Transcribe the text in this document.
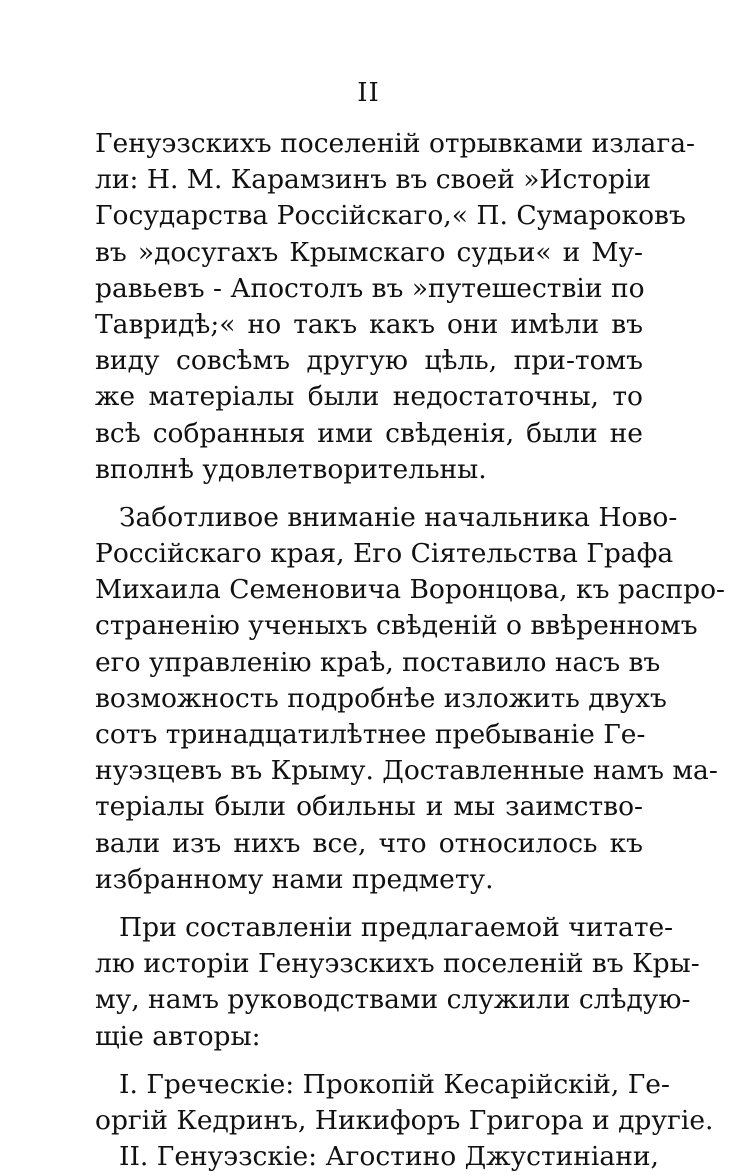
II
Генуэзскихъ поселеній отрывками излага-
ли: Н. М. Карамзинъ въ своей »Исторіи
Государства Россійскаго,« П. Сумароковъ
въ »досугахъ Крымскаго судьи« и Му-
равьевъ - Апостолъ въ »путешествіи по
Тавридѣ;« но такъ какъ они имѣли въ
виду совсѣмъ другую цѣль, при-томъ
же матеріалы были недостаточны, то
всѣ собранныя ими свѣденія, были не
вполнѣ удовлетворительны.
Заботливое вниманіе начальника Ново-
Россійскаго края, Его Сіятельства Графа
Михаила Семеновича Воронцова, къ распро-
страненію ученыхъ свѣденій о ввѣренномъ
его управленію краѣ, поставило насъ въ
возможность подробнѣе изложить двухъ
сотъ тринадцатилѣтнее пребываніе Ге-
нуэзцевъ въ Крыму. Доставленные намъ ма-
теріалы были обильны и мы заимство-
вали изъ нихъ все, что относилось къ
избранному нами предмету.
При составленіи предлагаемой читате-
лю исторіи Генуэзскихъ поселеній въ Кры-
му, намъ руководствами служили слѣдую-
щіе авторы:
I. Греческіе: Прокопій Кесарійскій, Ге-
оргій Кедринъ, Никифоръ Григора и другіе.
II. Генуэзскіе: Агостино Джустиніани,
